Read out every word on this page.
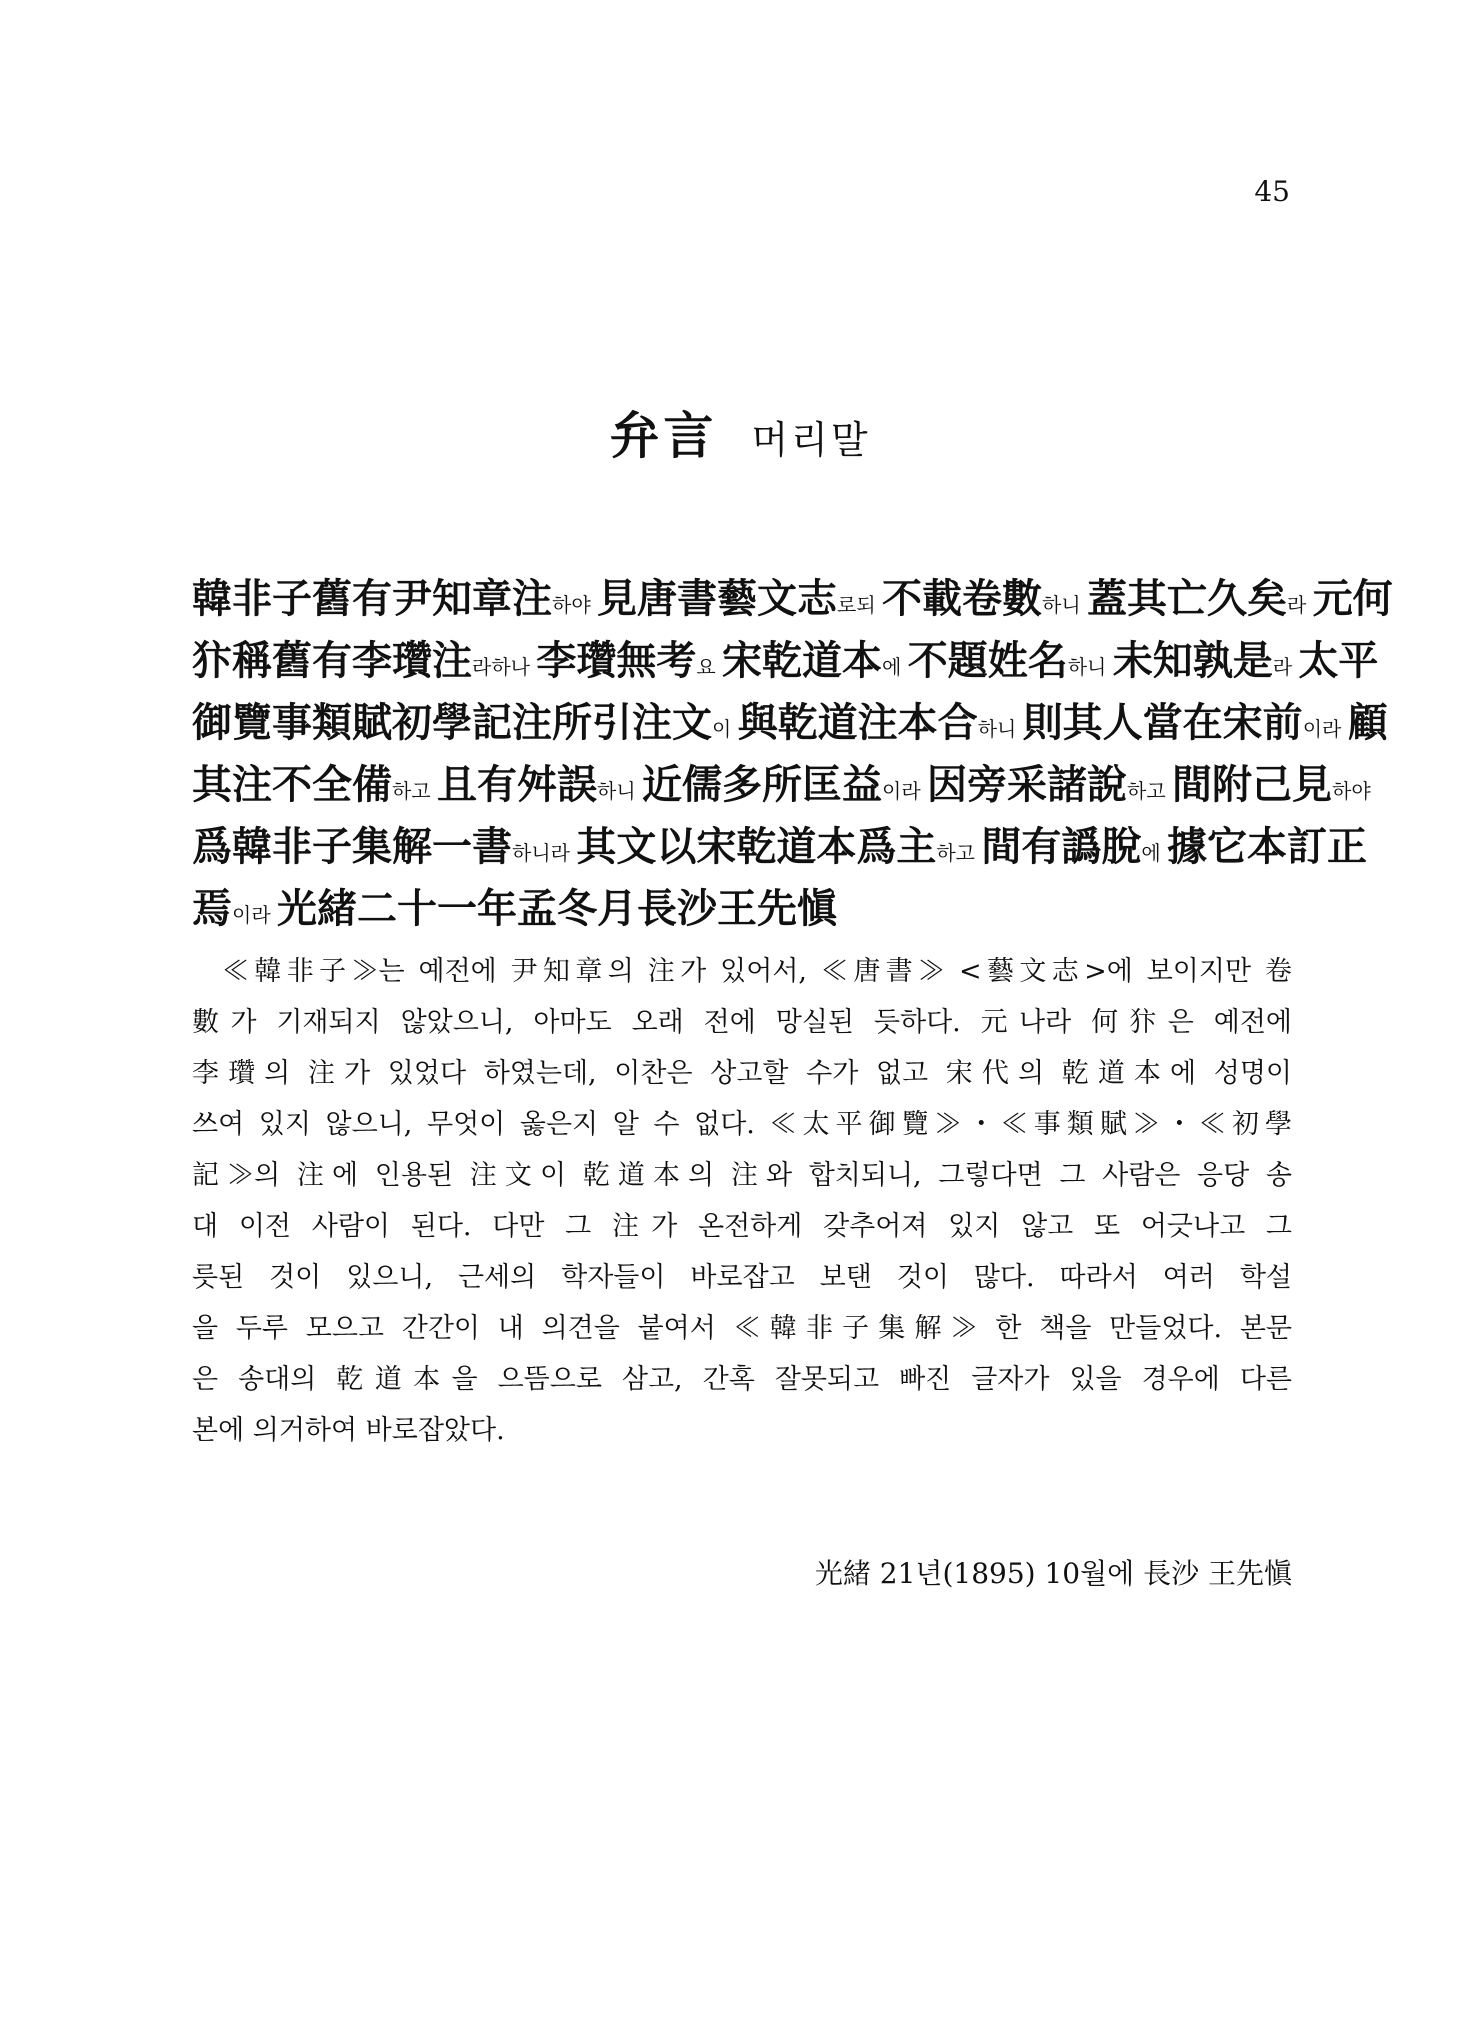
45
弁言 머리말
韓非子舊有尹知章注하야 見唐書藝文志로되 不載卷數하니 蓋其亡久矣라 元何
犿稱舊有李瓚注라하나 李瓚無考요 宋乾道本에 不題姓名하니 未知孰是라 太平
御覽事類賦初學記注所引注文이 與乾道注本合하니 則其人當在宋前이라 顧
其注不全備하고 且有舛誤하니 近儒多所匡益이라 因旁采諸說하고 間附己見하야
爲韓非子集解一書하니라 其文以宋乾道本爲主하고 間有譌脫에 據它本訂正
焉이라 光緒二十一年孟冬月長沙王先愼
≪韓非子≫는 예전에 尹知章의 注가 있어서, ≪唐書≫ <藝文志>에 보이지만 卷
數가 기재되지 않았으니, 아마도 오래 전에 망실된 듯하다. 元나라 何犿은 예전에
李瓚의 注가 있었다 하였는데, 이찬은 상고할 수가 없고 宋代의 乾道本에 성명이
쓰여 있지 않으니, 무엇이 옳은지 알 수 없다. ≪太平御覽≫・≪事類賦≫・≪初學
記≫의 注에 인용된 注文이 乾道本의 注와 합치되니, 그렇다면 그 사람은 응당 송
대 이전 사람이 된다. 다만 그 注가 온전하게 갖추어져 있지 않고 또 어긋나고 그
릇된 것이 있으니, 근세의 학자들이 바로잡고 보탠 것이 많다. 따라서 여러 학설
을 두루 모으고 간간이 내 의견을 붙여서 ≪韓非子集解≫ 한 책을 만들었다. 본문
은 송대의 乾道本을 으뜸으로 삼고, 간혹 잘못되고 빠진 글자가 있을 경우에 다른
본에 의거하여 바로잡았다.
光緒 21년(1895) 10월에 長沙 王先愼
